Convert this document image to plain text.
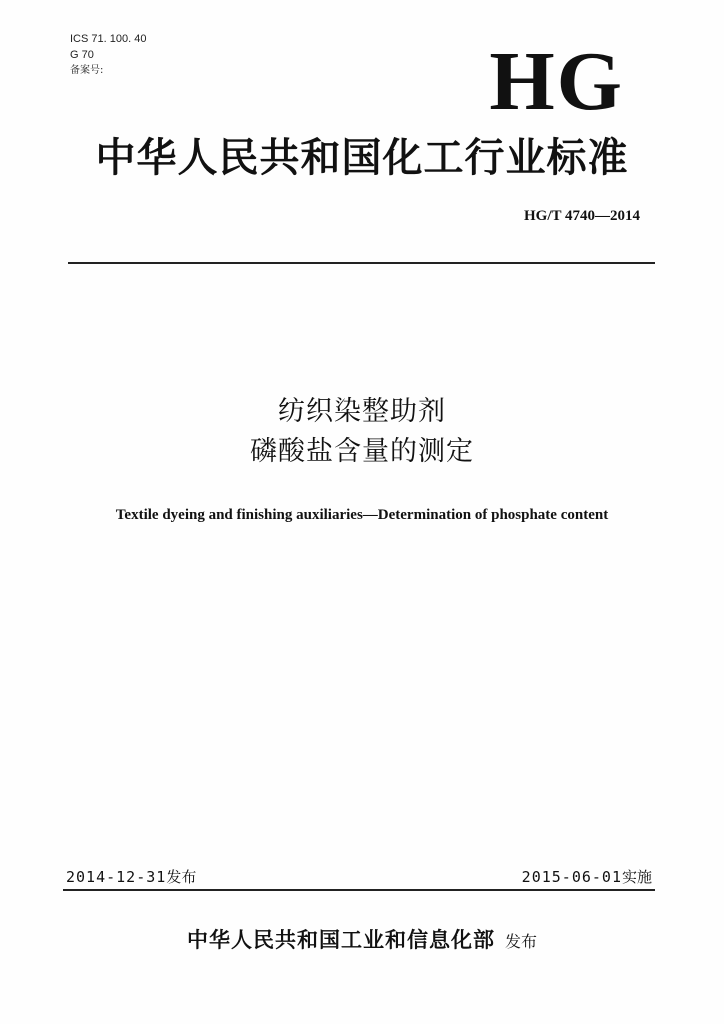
ICS 71. 100. 40
G 70
备案号:	HG
中华人民共和国化工行业标准
HG/T 4740—2014
纺织染整助剂
磷酸盐含量的测定
Textile dyeing and finishing auxiliaries—Determination of phosphate content
2014-12-31发布	2015-06-01实施
中华人民共和国工业和信息化部 发布
